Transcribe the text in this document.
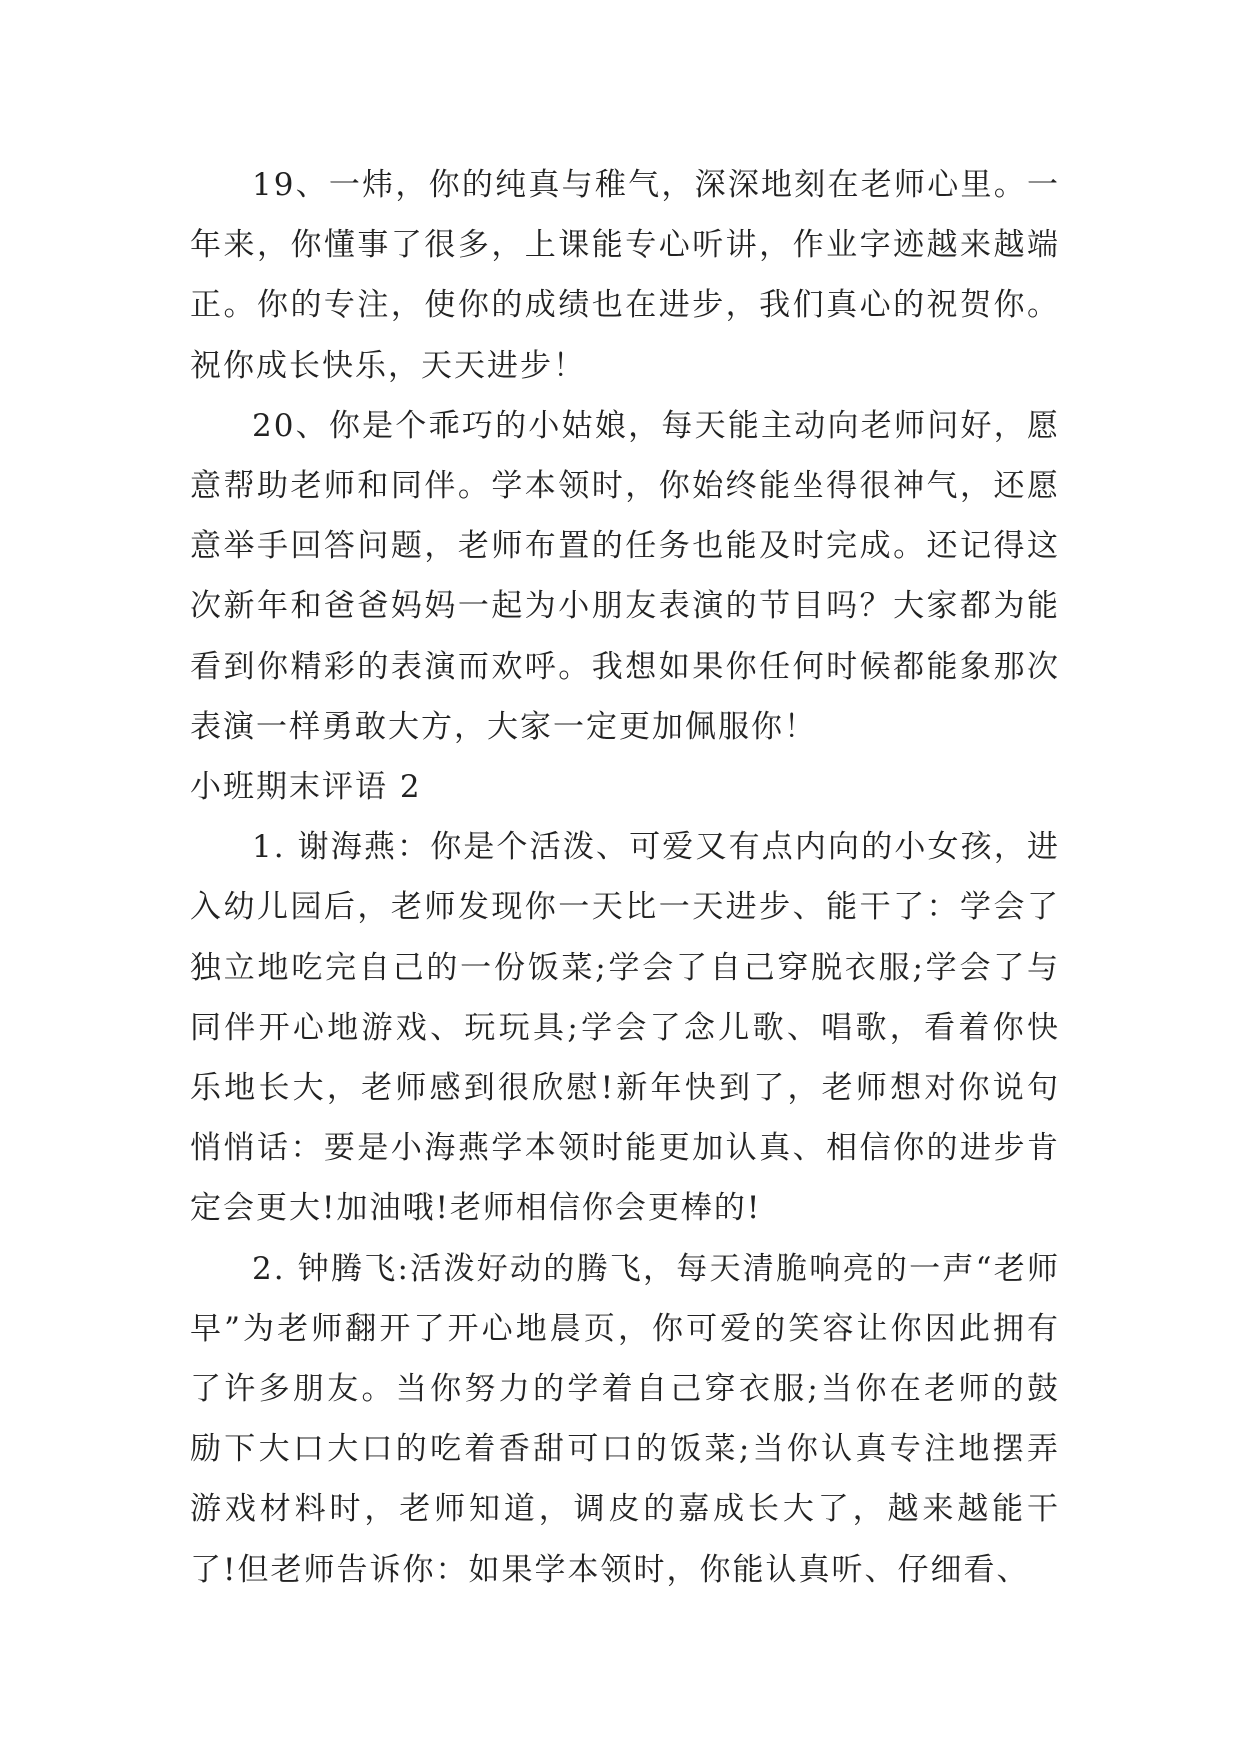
19、一炜，你的纯真与稚气，深深地刻在老师心里。一年来，你懂事了很多，上课能专心听讲，作业字迹越来越端正。你的专注，使你的成绩也在进步，我们真心的祝贺你。祝你成长快乐，天天进步！

20、你是个乖巧的小姑娘，每天能主动向老师问好，愿意帮助老师和同伴。学本领时，你始终能坐得很神气，还愿意举手回答问题，老师布置的任务也能及时完成。还记得这次新年和爸爸妈妈一起为小朋友表演的节目吗？大家都为能看到你精彩的表演而欢呼。我想如果你任何时候都能象那次表演一样勇敢大方，大家一定更加佩服你！

小班期末评语 2

1. 谢海燕：你是个活泼、可爱又有点内向的小女孩，进入幼儿园后，老师发现你一天比一天进步、能干了：学会了独立地吃完自己的一份饭菜;学会了自己穿脱衣服;学会了与同伴开心地游戏、玩玩具;学会了念儿歌、唱歌，看着你快乐地长大，老师感到很欣慰!新年快到了，老师想对你说句悄悄话：要是小海燕学本领时能更加认真、相信你的进步肯定会更大!加油哦!老师相信你会更棒的!

2. 钟腾飞:活泼好动的腾飞，每天清脆响亮的一声“老师早”为老师翻开了开心地晨页，你可爱的笑容让你因此拥有了许多朋友。当你努力的学着自己穿衣服;当你在老师的鼓励下大口大口的吃着香甜可口的饭菜;当你认真专注地摆弄游戏材料时，老师知道，调皮的嘉成长大了，越来越能干了!但老师告诉你：如果学本领时，你能认真听、仔细看、
